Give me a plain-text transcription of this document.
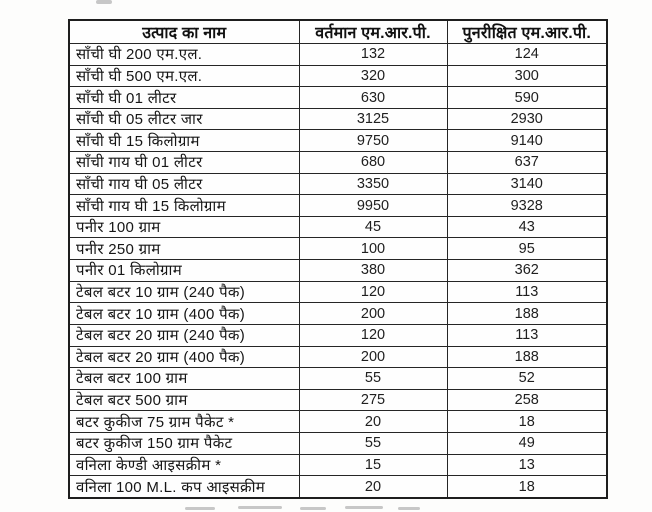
उत्पाद का नाम	वर्तमान एम.आर.पी.	पुनरीक्षित एम.आर.पी.
साँची घी 200 एम.एल.	132	124
साँची घी 500 एम.एल.	320	300
साँची घी 01 लीटर	630	590
साँची घी 05 लीटर जार	3125	2930
साँची घी 15 किलोग्राम	9750	9140
साँची गाय घी 01 लीटर	680	637
साँची गाय घी 05 लीटर	3350	3140
साँची गाय घी 15 किलोग्राम	9950	9328
पनीर 100 ग्राम	45	43
पनीर 250 ग्राम	100	95
पनीर 01 किलोग्राम	380	362
टेबल बटर 10 ग्राम (240 पैक)	120	113
टेबल बटर 10 ग्राम (400 पैक)	200	188
टेबल बटर 20 ग्राम (240 पैक)	120	113
टेबल बटर 20 ग्राम (400 पैक)	200	188
टेबल बटर 100 ग्राम	55	52
टेबल बटर 500 ग्राम	275	258
बटर कुकीज 75 ग्राम पैकेट *	20	18
बटर कुकीज 150 ग्राम पैकेट	55	49
वनिला केण्डी आइसक्रीम *	15	13
वनिला 100 M.L. कप आइसक्रीम	20	18
